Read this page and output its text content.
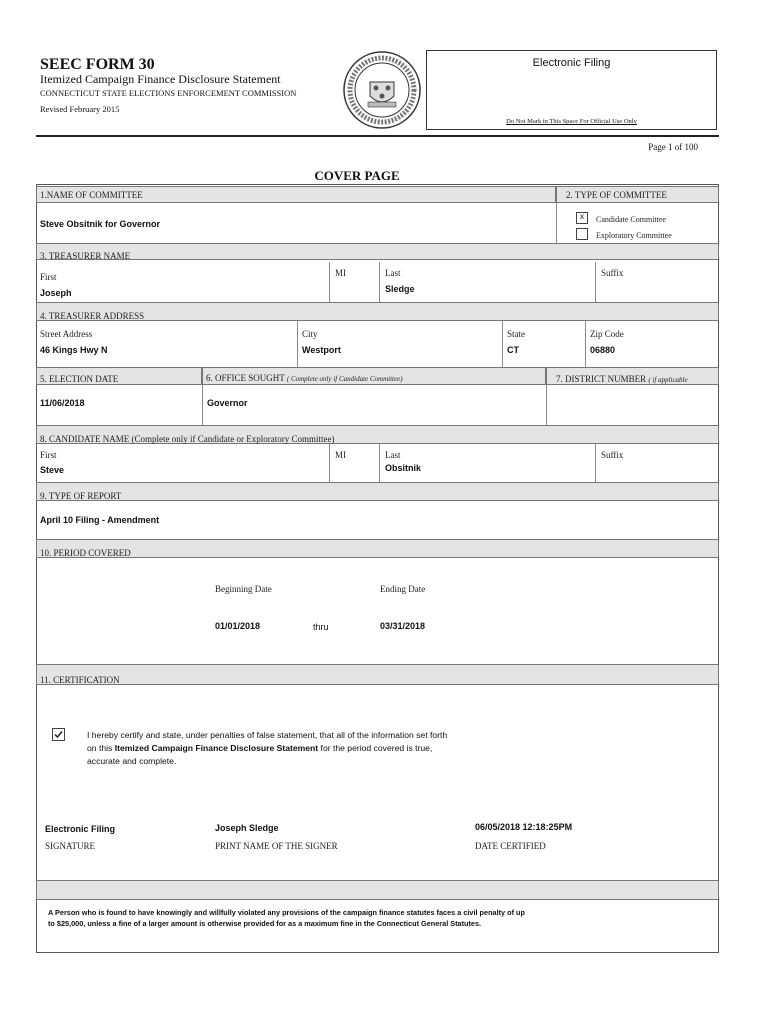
SEEC FORM 30
Itemized Campaign Finance Disclosure Statement
CONNECTICUT STATE ELECTIONS ENFORCEMENT COMMISSION
Revised February 2015
Electronic Filing
Do Not Mark in This Space For Official Use Only
Page 1 of 100
COVER PAGE
1.NAME OF COMMITTEE	2. TYPE OF COMMITTEE
Steve Obsitnik for Governor
x Candidate Committee
Exploratory Committee
3. TREASURER NAME
First
Joseph
MI	Last
Sledge
Suffix
4. TREASURER ADDRESS
Street Address
46 Kings Hwy N
City
Westport
State
CT
Zip Code
06880
5. ELECTION DATE	6. OFFICE SOUGHT ( Complete only if Candidate Committee)	7. DISTRICT NUMBER ( if applicable
11/06/2018	Governor
8. CANDIDATE NAME (Complete only if Candidate or Exploratory Committee)
First
Steve
MI	Last
Obsitnik
Suffix
9. TYPE OF REPORT
April 10 Filing - Amendment
10. PERIOD COVERED
Beginning Date	Ending Date
01/01/2018	thru	03/31/2018
11. CERTIFICATION
I hereby certify and state, under penalties of false statement, that all of the information set forth
on this Itemized Campaign Finance Disclosure Statement for the period covered is true,
accurate and complete.
Electronic Filing
SIGNATURE
Joseph Sledge
PRINT NAME OF THE SIGNER
06/05/2018 12:18:25PM
DATE CERTIFIED
A Person who is found to have knowingly and willfully violated any provisions of the campaign finance statutes faces a civil penalty of up
to $25,000, unless a fine of a larger amount is otherwise provided for as a maximum fine in the Connecticut General Statutes.
